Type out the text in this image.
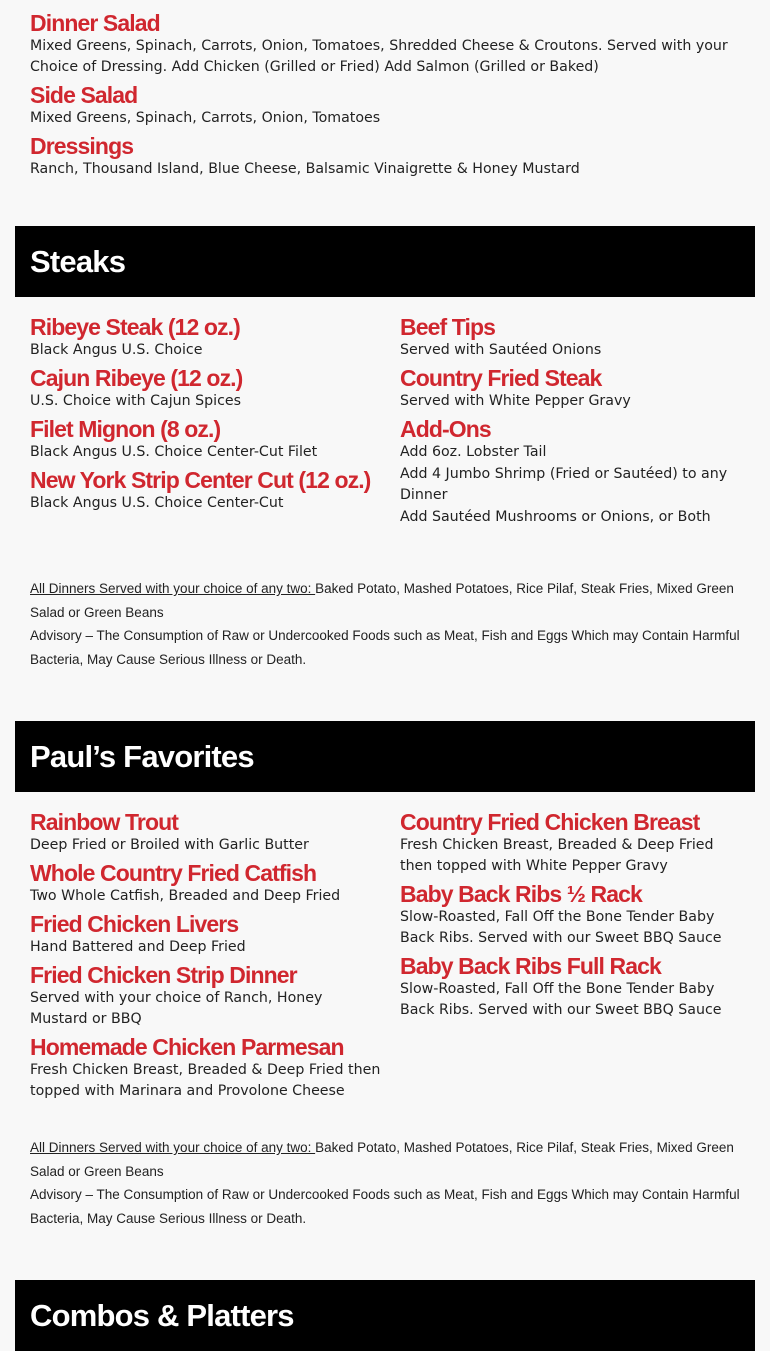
Dinner Salad

Mixed Greens, Spinach, Carrots, Onion, Tomatoes, Shredded Cheese & Croutons. Served with your Choice of Dressing. Add Chicken (Grilled or Fried) Add Salmon (Grilled or Baked)

Side Salad

Mixed Greens, Spinach, Carrots, Onion, Tomatoes

Dressings

Ranch, Thousand Island, Blue Cheese, Balsamic Vinaigrette & Honey Mustard

Steaks
Ribeye Steak (12 oz.)

Black Angus U.S. Choice

Cajun Ribeye (12 oz.)

U.S. Choice with Cajun Spices

Filet Mignon (8 oz.)

Black Angus U.S. Choice Center-Cut Filet

New York Strip Center Cut (12 oz.)

Black Angus U.S. Choice Center-Cut

Beef Tips

Served with Sautéed Onions

Country Fried Steak

Served with White Pepper Gravy

Add-Ons

Add 6oz. Lobster Tail

Add 4 Jumbo Shrimp (Fried or Sautéed) to any Dinner

Add Sautéed Mushrooms or Onions, or Both

All Dinners Served with your choice of any two: Baked Potato, Mashed Potatoes, Rice Pilaf, Steak Fries, Mixed Green Salad or Green Beans

Advisory – The Consumption of Raw or Undercooked Foods such as Meat, Fish and Eggs Which may Contain Harmful Bacteria, May Cause Serious Illness or Death.

Paul’s Favorites
Rainbow Trout

Deep Fried or Broiled with Garlic Butter

Whole Country Fried Catfish

Two Whole Catfish, Breaded and Deep Fried

Fried Chicken Livers

Hand Battered and Deep Fried

Fried Chicken Strip Dinner

Served with your choice of Ranch, Honey Mustard or BBQ

Homemade Chicken Parmesan

Fresh Chicken Breast, Breaded & Deep Fried then topped with Marinara and Provolone Cheese

Country Fried Chicken Breast

Fresh Chicken Breast, Breaded & Deep Fried then topped with White Pepper Gravy

Baby Back Ribs ½ Rack

Slow-Roasted, Fall Off the Bone Tender Baby Back Ribs. Served with our Sweet BBQ Sauce

Baby Back Ribs Full Rack

Slow-Roasted, Fall Off the Bone Tender Baby Back Ribs. Served with our Sweet BBQ Sauce

All Dinners Served with your choice of any two: Baked Potato, Mashed Potatoes, Rice Pilaf, Steak Fries, Mixed Green Salad or Green Beans

Advisory – The Consumption of Raw or Undercooked Foods such as Meat, Fish and Eggs Which may Contain Harmful Bacteria, May Cause Serious Illness or Death.

Combos & Platters
